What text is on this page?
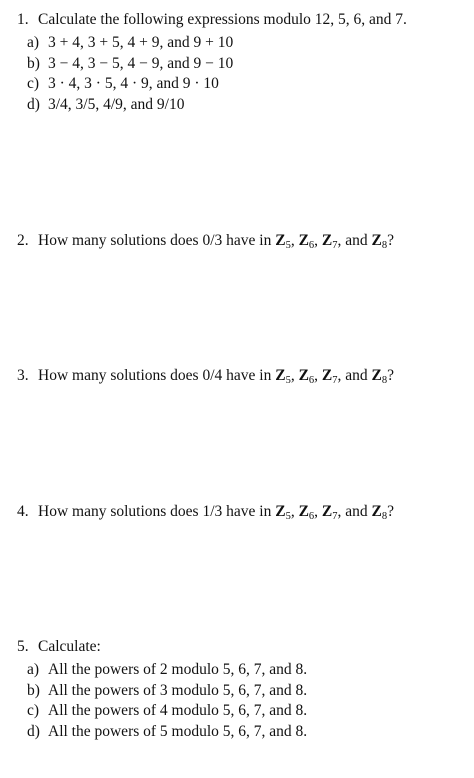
1. Calculate the following expressions modulo 12, 5, 6, and 7.
a) 3 + 4, 3 + 5, 4 + 9, and 9 + 10
b) 3 − 4, 3 − 5, 4 − 9, and 9 − 10
c) 3 · 4, 3 · 5, 4 · 9, and 9 · 10
d) 3/4, 3/5, 4/9, and 9/10
2. How many solutions does 0/3 have in $Z_5$, $Z_6$, $Z_7$, and $Z_8$?
3. How many solutions does 0/4 have in $Z_5$, $Z_6$, $Z_7$, and $Z_8$?
4. How many solutions does 1/3 have in $Z_5$, $Z_6$, $Z_7$, and $Z_8$?
5. Calculate:
a) All the powers of 2 modulo 5, 6, 7, and 8.
b) All the powers of 3 modulo 5, 6, 7, and 8.
c) All the powers of 4 modulo 5, 6, 7, and 8.
d) All the powers of 5 modulo 5, 6, 7, and 8.
